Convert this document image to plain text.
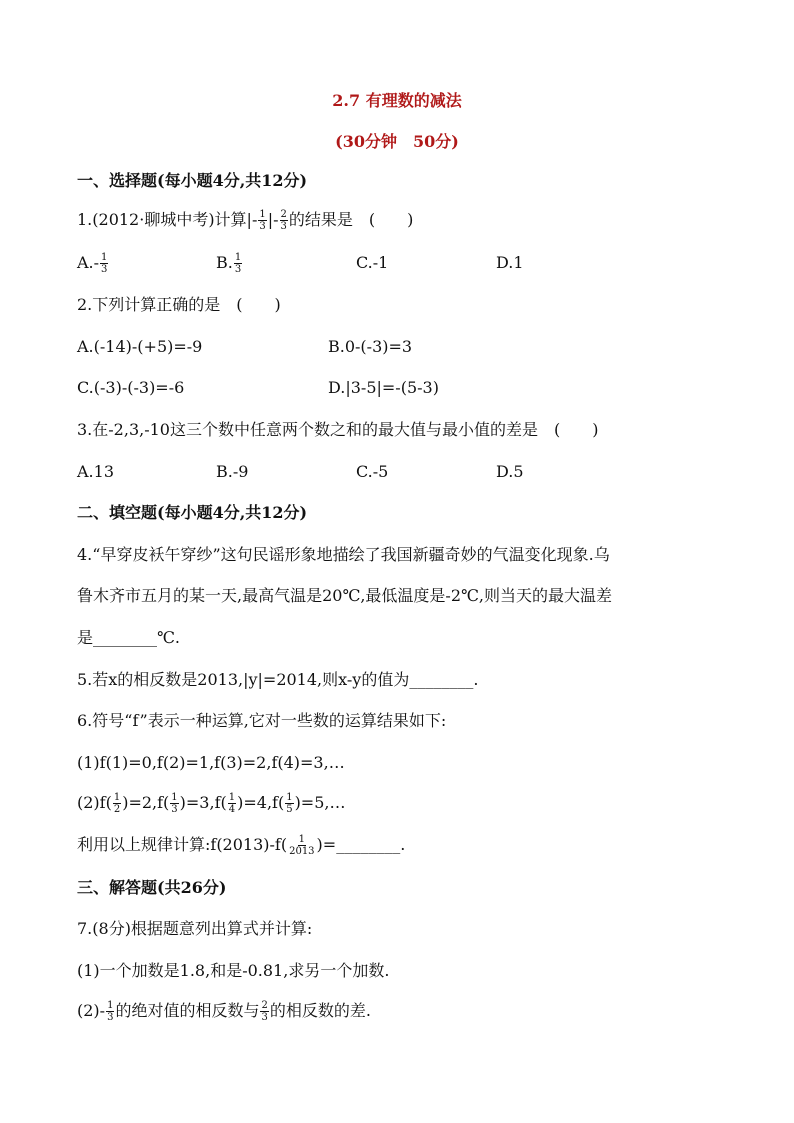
2.7 有理数的减法
(30分钟　50分)
一、选择题(每小题4分,共12分)
1.(2012·聊城中考)计算|- $\frac{1}{3}$ |- $\frac{2}{3}$ 的结果是　(　　)
$A.- \frac{1}{3}$	B. $\frac{1}{3}$	C.-1	D.1
2.下列计算正确的是　(　　)
A.(-14)-(+5)=-9	B.0-(-3)=3
C.(-3)-(-3)=-6	D.|3-5|=-(5-3)
3.在-2,3,-10这三个数中任意两个数之和的最大值与最小值的差是　(　　)
A.13	B.-9	C.-5	D.5
二、填空题(每小题4分,共12分)
4.“早穿皮袄午穿纱”这句民谣形象地描绘了我国新疆奇妙的气温变化现象.乌
鲁木齐市五月的某一天,最高气温是20℃,最低温度是-2℃,则当天的最大温差
是________℃.
5.若x的相反数是2013,|y|=2014,则x-y的值为________.
6.符号“f”表示一种运算,它对一些数的运算结果如下:
(1)f(1)=0,f(2)=1,f(3)=2,f(4)=3,…
$(2)f( \frac{1}{2} )=2,f( \frac{1}{3} )=3,f( \frac{1}{4} )=4,f( \frac{1}{5}$ )=5,…
利用以上规律计算:f(2013)-f( $\frac{1}{2013}$ )=________.
三、解答题(共26分)
7.(8分)根据题意列出算式并计算:
(1)一个加数是1.8,和是-0.81,求另一个加数.
$(2)- \frac{1}{3}$ 的绝对值的相反数与 $\frac{2}{3}$ 的相反数的差.
